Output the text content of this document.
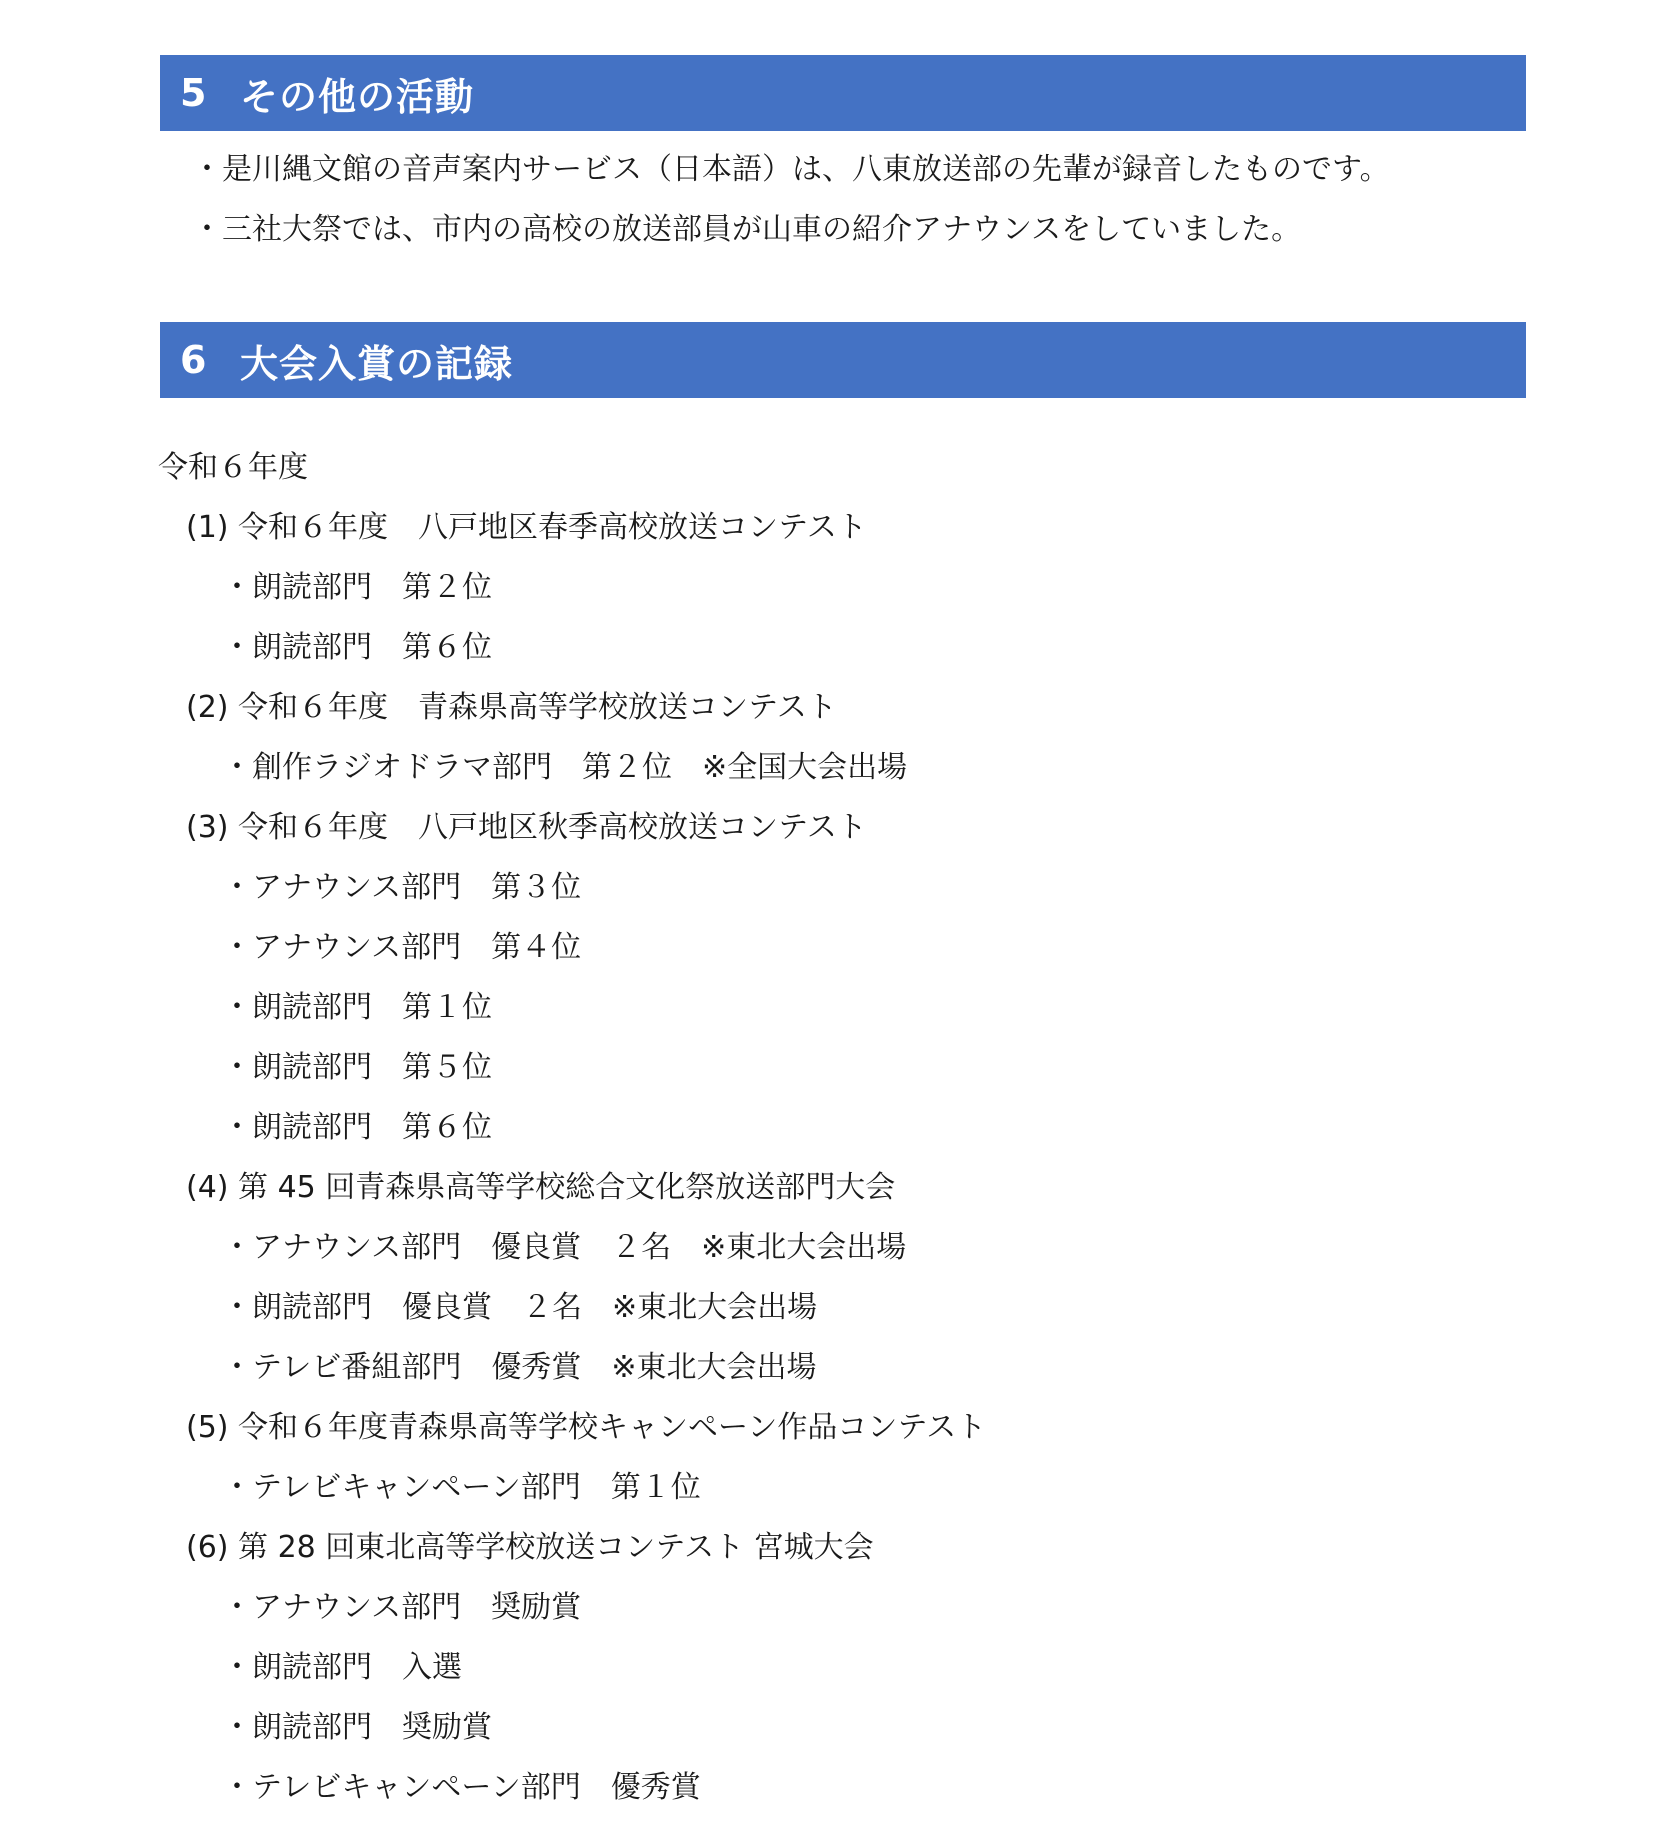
5 その他の活動
・是川縄文館の音声案内サービス（日本語）は、八東放送部の先輩が録音したものです。
・三社大祭では、市内の高校の放送部員が山車の紹介アナウンスをしていました。
6 大会入賞の記録
令和６年度
(1) 令和６年度　八戸地区春季高校放送コンテスト
・朗読部門　第２位
・朗読部門　第６位
(2) 令和６年度　青森県高等学校放送コンテスト
・創作ラジオドラマ部門　第２位　※全国大会出場
(3) 令和６年度　八戸地区秋季高校放送コンテスト
・アナウンス部門　第３位
・アナウンス部門　第４位
・朗読部門　第１位
・朗読部門　第５位
・朗読部門　第６位
(4) 第 45 回青森県高等学校総合文化祭放送部門大会
・アナウンス部門　優良賞　２名　※東北大会出場
・朗読部門　優良賞　２名　※東北大会出場
・テレビ番組部門　優秀賞　※東北大会出場
(5) 令和６年度青森県高等学校キャンペーン作品コンテスト
・テレビキャンペーン部門　第１位
(6) 第 28 回東北高等学校放送コンテスト 宮城大会
・アナウンス部門　奨励賞
・朗読部門　入選
・朗読部門　奨励賞
・テレビキャンペーン部門　優秀賞
